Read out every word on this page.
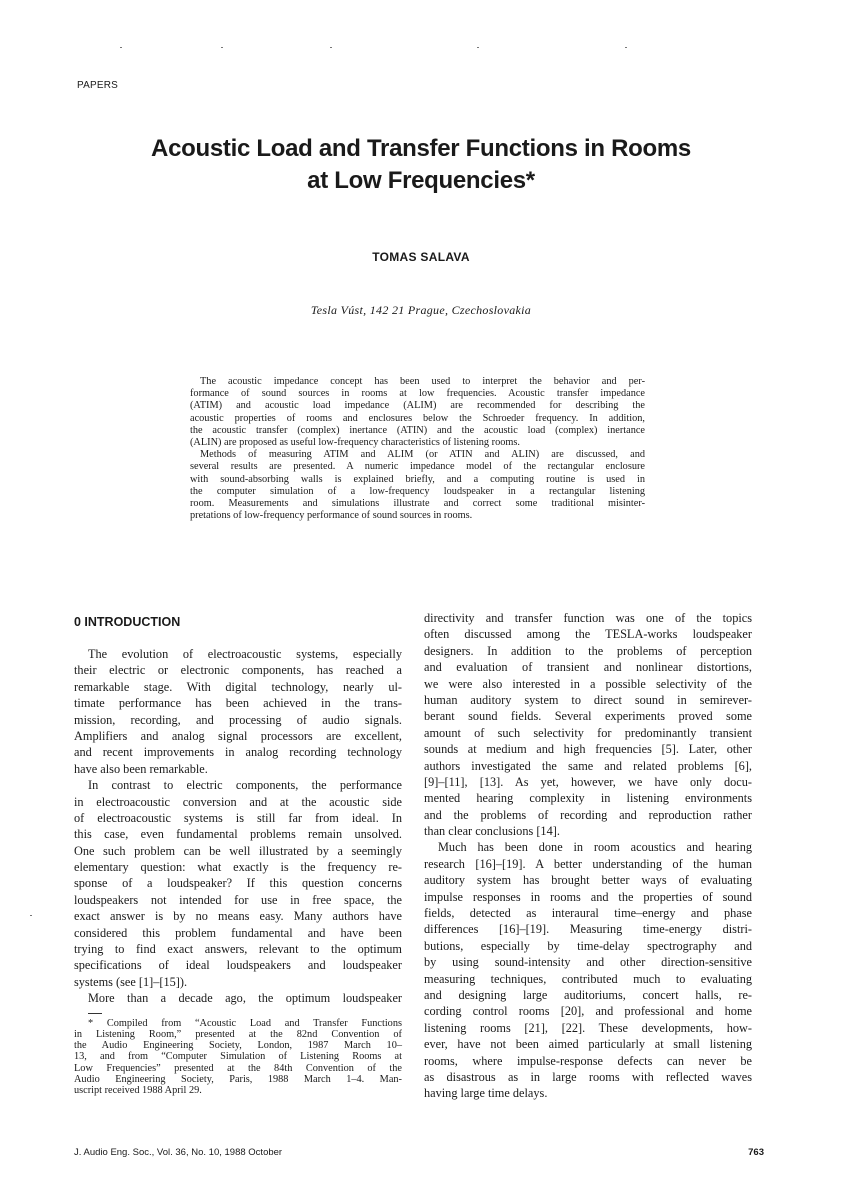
PAPERS
Acoustic Load and Transfer Functions in Rooms
at Low Frequencies*
TOMAS SALAVA
Tesla Vúst, 142 21 Prague, Czechoslovakia
The acoustic impedance concept has been used to interpret the behavior and per-
formance of sound sources in rooms at low frequencies. Acoustic transfer impedance
(ATIM) and acoustic load impedance (ALIM) are recommended for describing the
acoustic properties of rooms and enclosures below the Schroeder frequency. In addition,
the acoustic transfer (complex) inertance (ATIN) and the acoustic load (complex) inertance
(ALIN) are proposed as useful low-frequency characteristics of listening rooms.
Methods of measuring ATIM and ALIM (or ATIN and ALIN) are discussed, and
several results are presented. A numeric impedance model of the rectangular enclosure
with sound-absorbing walls is explained briefly, and a computing routine is used in
the computer simulation of a low-frequency loudspeaker in a rectangular listening
room. Measurements and simulations illustrate and correct some traditional misinter-
pretations of low-frequency performance of sound sources in rooms.
0 INTRODUCTION
The evolution of electroacoustic systems, especially
their electric or electronic components, has reached a
remarkable stage. With digital technology, nearly ul-
timate performance has been achieved in the trans-
mission, recording, and processing of audio signals.
Amplifiers and analog signal processors are excellent,
and recent improvements in analog recording technology
have also been remarkable.
In contrast to electric components, the performance
in electroacoustic conversion and at the acoustic side
of electroacoustic systems is still far from ideal. In
this case, even fundamental problems remain unsolved.
One such problem can be well illustrated by a seemingly
elementary question: what exactly is the frequency re-
sponse of a loudspeaker? If this question concerns
loudspeakers not intended for use in free space, the
exact answer is by no means easy. Many authors have
considered this problem fundamental and have been
trying to find exact answers, relevant to the optimum
specifications of ideal loudspeakers and loudspeaker
systems (see [1]–[15]).
More than a decade ago, the optimum loudspeaker
* Compiled from “Acoustic Load and Transfer Functions
in Listening Room,” presented at the 82nd Convention of
the Audio Engineering Society, London, 1987 March 10–
13, and from “Computer Simulation of Listening Rooms at
Low Frequencies” presented at the 84th Convention of the
Audio Engineering Society, Paris, 1988 March 1–4. Man-
uscript received 1988 April 29.
directivity and transfer function was one of the topics
often discussed among the TESLA-works loudspeaker
designers. In addition to the problems of perception
and evaluation of transient and nonlinear distortions,
we were also interested in a possible selectivity of the
human auditory system to direct sound in semirever-
berant sound fields. Several experiments proved some
amount of such selectivity for predominantly transient
sounds at medium and high frequencies [5]. Later, other
authors investigated the same and related problems [6],
[9]–[11], [13]. As yet, however, we have only docu-
mented hearing complexity in listening environments
and the problems of recording and reproduction rather
than clear conclusions [14].
Much has been done in room acoustics and hearing
research [16]–[19]. A better understanding of the human
auditory system has brought better ways of evaluating
impulse responses in rooms and the properties of sound
fields, detected as interaural time–energy and phase
differences [16]–[19]. Measuring time-energy distri-
butions, especially by time-delay spectrography and
by using sound-intensity and other direction-sensitive
measuring techniques, contributed much to evaluating
and designing large auditoriums, concert halls, re-
cording control rooms [20], and professional and home
listening rooms [21], [22]. These developments, how-
ever, have not been aimed particularly at small listening
rooms, where impulse-response defects can never be
as disastrous as in large rooms with reflected waves
having large time delays.
J. Audio Eng. Soc., Vol. 36, No. 10, 1988 October	763
